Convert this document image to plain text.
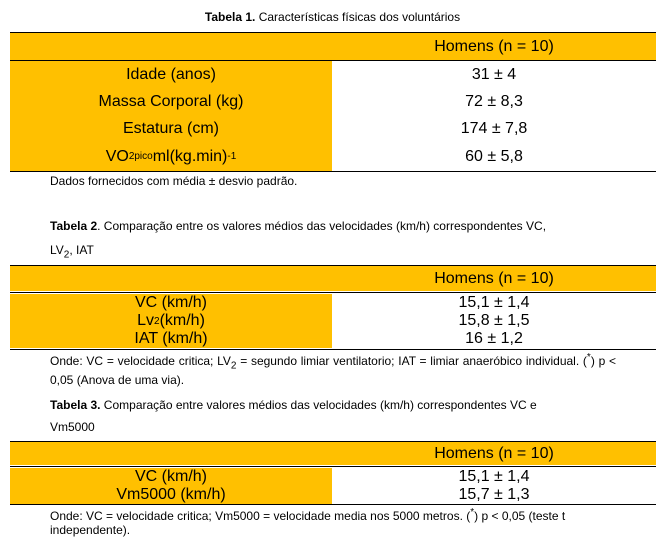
Tabela 1. Características físicas dos voluntários
Homens (n = 10)
Idade (anos)	31 ± 4
Massa Corporal (kg)	72 ± 8,3
Estatura (cm)	174 ± 7,8
VO 2pico ml(kg.min) -1	60 ± 5,8
Dados fornecidos com média ± desvio padrão.
Tabela 2. Comparação entre os valores médios das velocidades (km/h) correspondentes VC,
$LV_2$, IAT
Homens (n = 10)
VC (km/h)	15,1 ± 1,4
Lv 2 (km/h)	15,8 ± 1,5
IAT (km/h)	16 ± 1,2
Onde: VC = velocidade critica; $LV_2$ = segundo limiar ventilatorio; IAT = limiar anaeróbico individual. (*) p < 0,05 (Anova de uma via).
Tabela 3. Comparação entre valores médios das velocidades (km/h) correspondentes VC e
Vm5000
Homens (n = 10)
VC (km/h)	15,1 ± 1,4
Vm5000 (km/h)	15,7 ± 1,3
Onde: VC = velocidade critica; Vm5000 = velocidade media nos 5000 metros. (*) p < 0,05 (teste t independente).
